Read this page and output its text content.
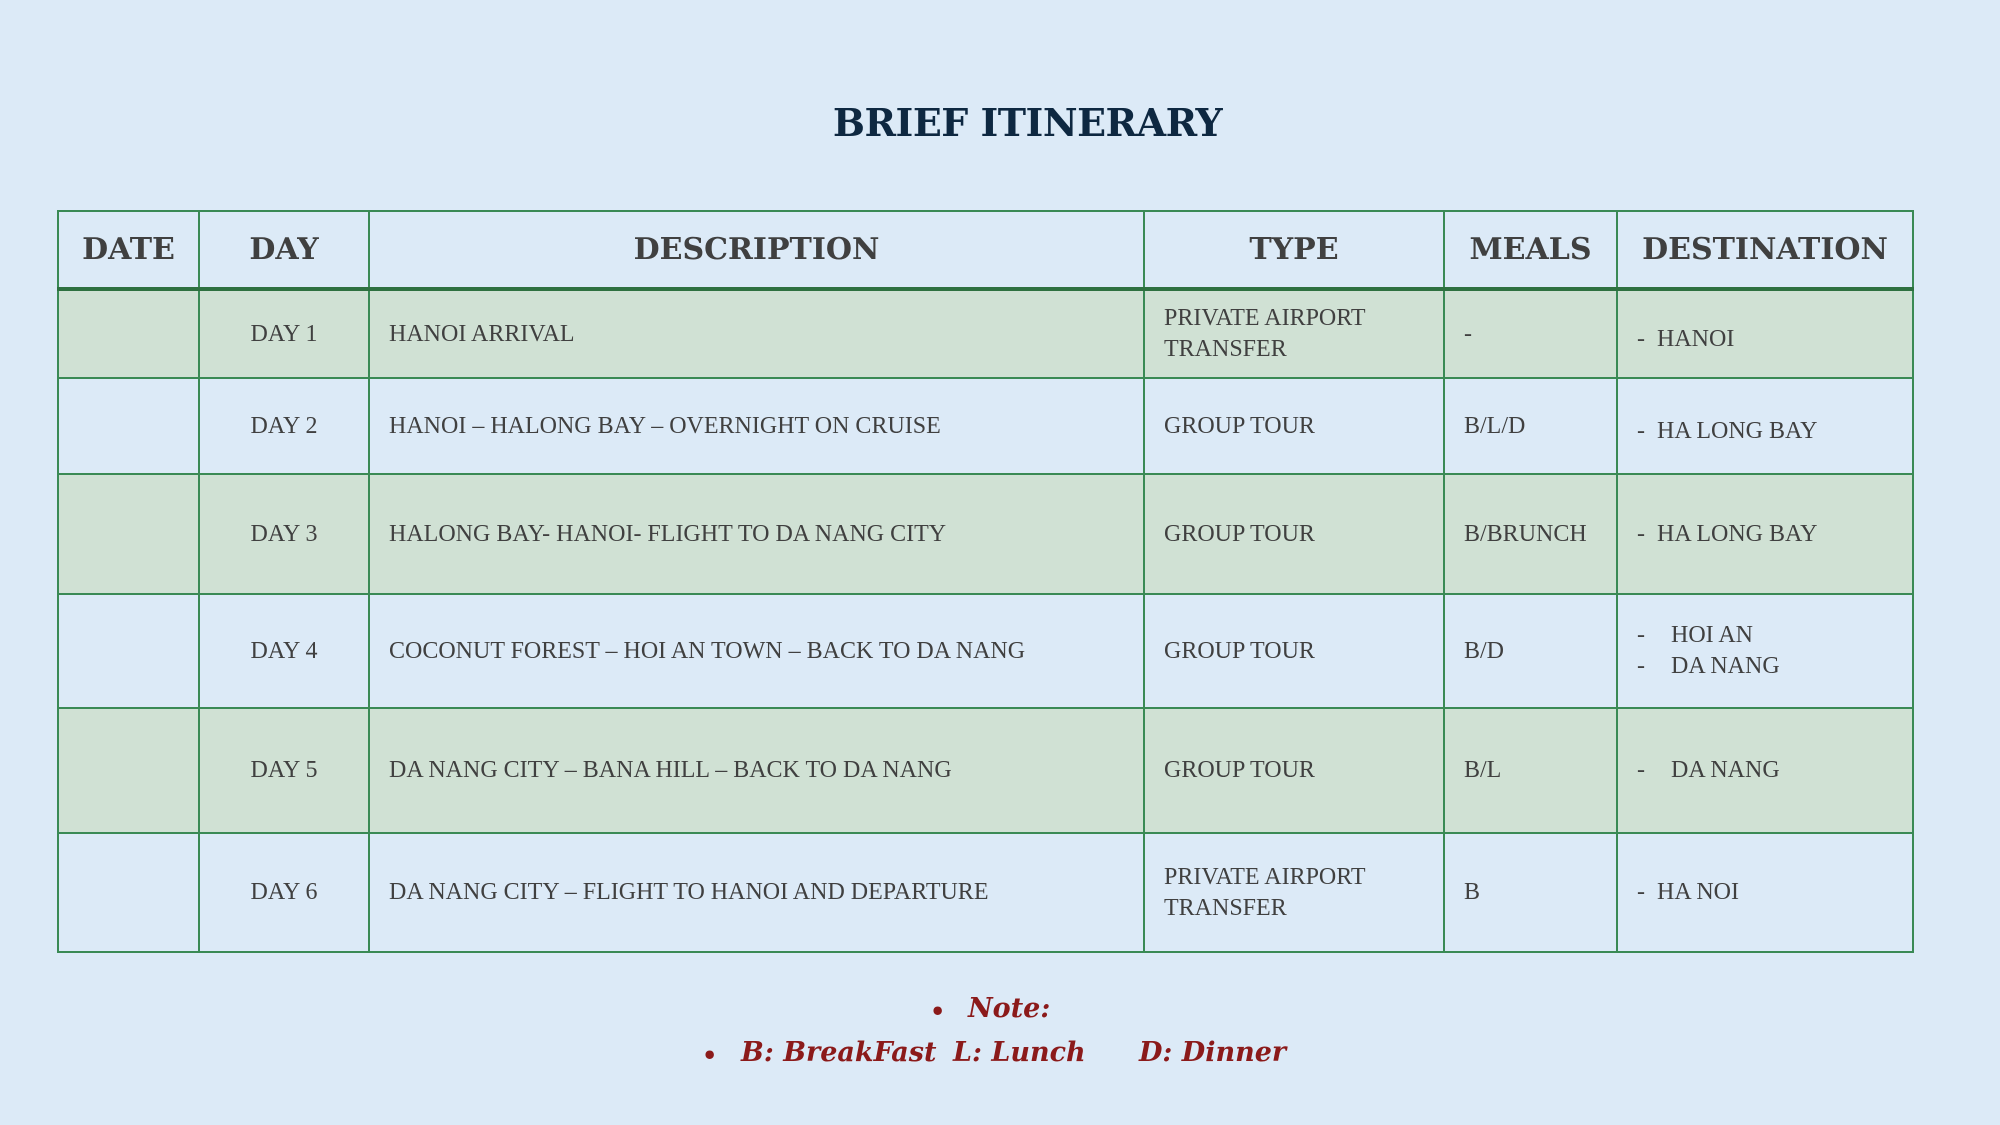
BRIEF ITINERARY
DATE	DAY	DESCRIPTION	TYPE	MEALS	DESTINATION
	DAY 1	HANOI ARRIVAL	PRIVATE AIRPORT TRANSFER	-	- HANOI

	DAY 2	HANOI – HALONG BAY – OVERNIGHT ON CRUISE	GROUP TOUR	B/L/D	- HA LONG BAY

	DAY 3	HALONG BAY- HANOI- FLIGHT TO DA NANG CITY	GROUP TOUR	B/BRUNCH	- HA LONG BAY

	DAY 4	COCONUT FOREST – HOI AN TOWN – BACK TO DA NANG	GROUP TOUR	B/D	- HOI AN
- DA NANG

	DAY 5	DA NANG CITY – BANA HILL – BACK TO DA NANG	GROUP TOUR	B/L	- DA NANG

	DAY 6	DA NANG CITY – FLIGHT TO HANOI AND DEPARTURE	PRIVATE AIRPORT TRANSFER	B	- HA NOI
• Note:
• B: BreakFast L: Lunch D: Dinner
